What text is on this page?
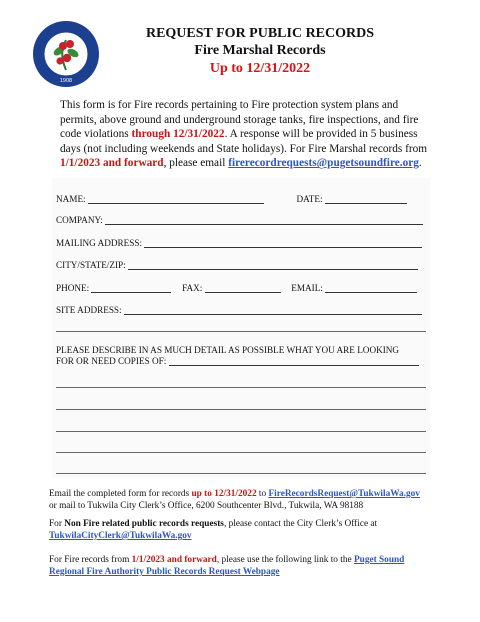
1908
REQUEST FOR PUBLIC RECORDS
Fire Marshal Records
Up to 12/31/2022
This form is for Fire records pertaining to Fire protection system plans and permits, above ground and underground storage tanks, fire inspections, and fire code violations through 12/31/2022. A response will be provided in 5 business days (not including weekends and State holidays). For Fire Marshal records from 1/1/2023 and forward, please email firerecordrequests@pugetsoundfire.org.
NAME:	DATE:
COMPANY:
MAILING ADDRESS:
CITY/STATE/ZIP:
PHONE:	FAX:	EMAIL:
SITE ADDRESS:
PLEASE DESCRIBE IN AS MUCH DETAIL AS POSSIBLE WHAT YOU ARE LOOKING
FOR OR NEED COPIES OF:
Email the completed form for records up to 12/31/2022 to FireRecordsRequest@TukwilaWa.gov
or mail to Tukwila City Clerk’s Office, 6200 Southcenter Blvd., Tukwila, WA 98188
For Non Fire related public records requests, please contact the City Clerk’s Office at
TukwilaCityClerk@TukwilaWa.gov
For Fire records from 1/1/2023 and forward, please use the following link to the Puget Sound
Regional Fire Authority Public Records Request Webpage
